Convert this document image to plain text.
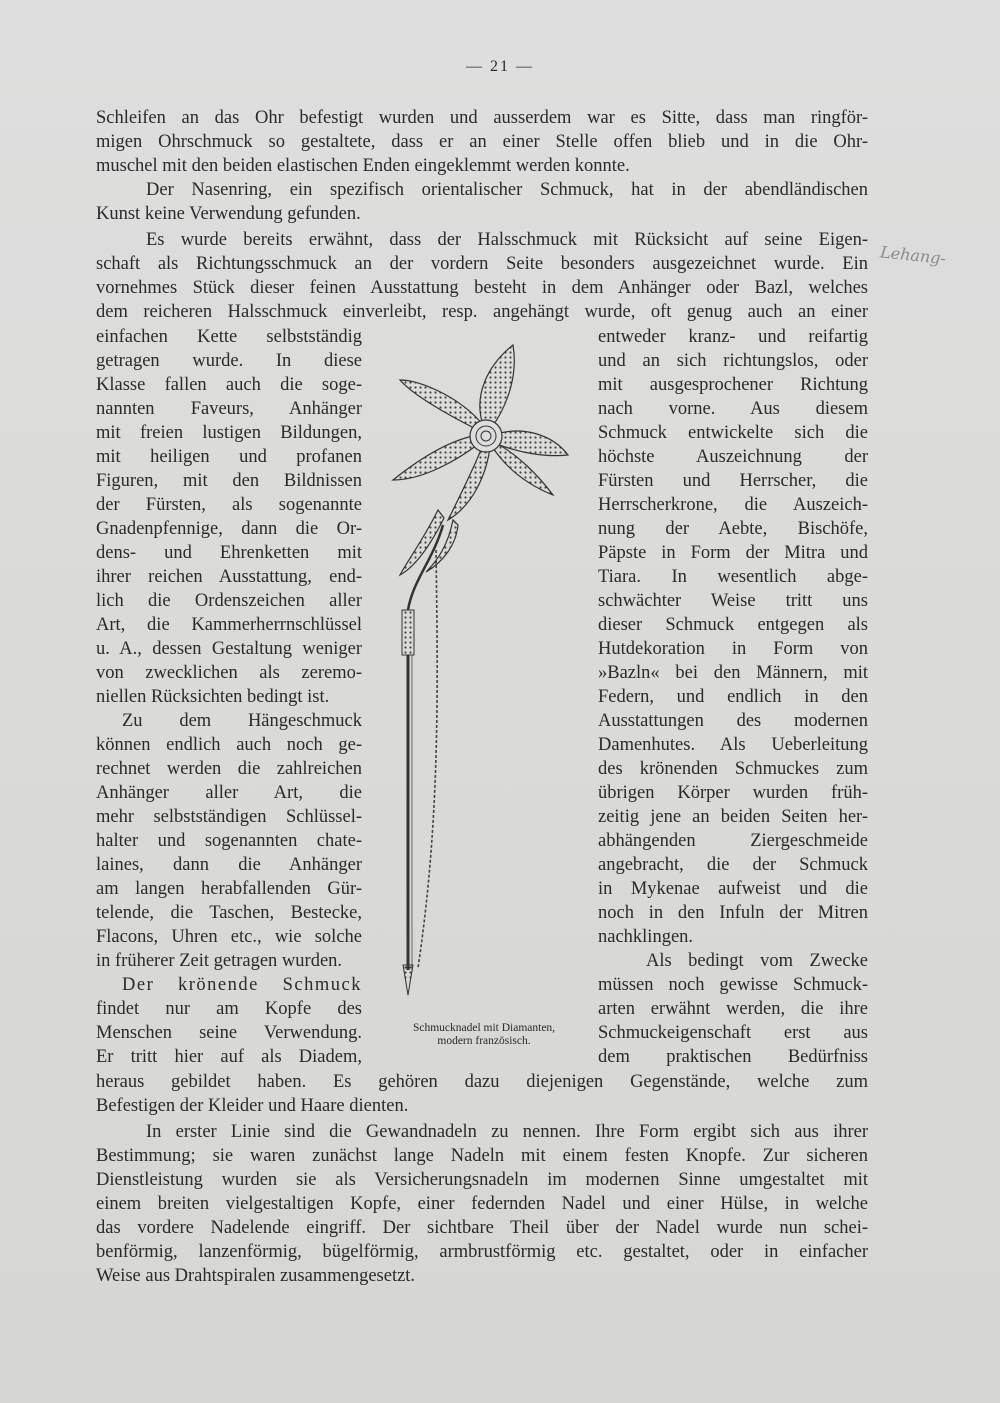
— 21 —
Schleifen an das Ohr befestigt wurden und ausserdem war es Sitte, dass man ringför-
migen Ohrschmuck so gestaltete, dass er an einer Stelle offen blieb und in die Ohr-
muschel mit den beiden elastischen Enden eingeklemmt werden konnte.
Der Nasenring, ein spezifisch orientalischer Schmuck, hat in der abendländischen
Kunst keine Verwendung gefunden.
Es wurde bereits erwähnt, dass der Halsschmuck mit Rücksicht auf seine Eigen-
schaft als Richtungsschmuck an der vordern Seite besonders ausgezeichnet wurde. Ein
vornehmes Stück dieser feinen Ausstattung besteht in dem Anhänger oder Bazl, welches
dem reicheren Halsschmuck einverleibt, resp. angehängt wurde, oft genug auch an einer
einfachen Kette selbstständig
getragen wurde. In diese
Klasse fallen auch die soge-
nannten Faveurs, Anhänger
mit freien lustigen Bildungen,
mit heiligen und profanen
Figuren, mit den Bildnissen
der Fürsten, als sogenannte
Gnadenpfennige, dann die Or-
dens- und Ehrenketten mit
ihrer reichen Ausstattung, end-
lich die Ordenszeichen aller
Art, die Kammerherrnschlüssel
u. A., dessen Gestaltung weniger
von zwecklichen als zeremo-
niellen Rücksichten bedingt ist.
Zu dem Hängeschmuck
können endlich auch noch ge-
rechnet werden die zahlreichen
Anhänger aller Art, die
mehr selbstständigen Schlüssel-
halter und sogenannten chate-
laines, dann die Anhänger
am langen herabfallenden Gür-
telende, die Taschen, Bestecke,
Flacons, Uhren etc., wie solche
in früherer Zeit getragen wurden.
Der krönende Schmuck
findet nur am Kopfe des
Menschen seine Verwendung.
Er tritt hier auf als Diadem,
entweder kranz- und reifartig
und an sich richtungslos, oder
mit ausgesprochener Richtung
nach vorne. Aus diesem
Schmuck entwickelte sich die
höchste Auszeichnung der
Fürsten und Herrscher, die
Herrscherkrone, die Auszeich-
nung der Aebte, Bischöfe,
Päpste in Form der Mitra und
Tiara. In wesentlich abge-
schwächter Weise tritt uns
dieser Schmuck entgegen als
Hutdekoration in Form von
»Bazln« bei den Männern, mit
Federn, und endlich in den
Ausstattungen des modernen
Damenhutes. Als Ueberleitung
des krönenden Schmuckes zum
übrigen Körper wurden früh-
zeitig jene an beiden Seiten her-
abhängenden Ziergeschmeide
angebracht, die der Schmuck
in Mykenae aufweist und die
noch in den Infuln der Mitren
nachklingen.
Als bedingt vom Zwecke
müssen noch gewisse Schmuck-
arten erwähnt werden, die ihre
Schmuckeigenschaft erst aus
dem praktischen Bedürfniss
Schmucknadel mit Diamanten,
modern französisch.
Lehang-
heraus gebildet haben. Es gehören dazu diejenigen Gegenstände, welche zum
Befestigen der Kleider und Haare dienten.
In erster Linie sind die Gewandnadeln zu nennen. Ihre Form ergibt sich aus ihrer
Bestimmung; sie waren zunächst lange Nadeln mit einem festen Knopfe. Zur sicheren
Dienstleistung wurden sie als Versicherungsnadeln im modernen Sinne umgestaltet mit
einem breiten vielgestaltigen Kopfe, einer federnden Nadel und einer Hülse, in welche
das vordere Nadelende eingriff. Der sichtbare Theil über der Nadel wurde nun schei-
benförmig, lanzenförmig, bügelförmig, armbrustförmig etc. gestaltet, oder in einfacher
Weise aus Drahtspiralen zusammengesetzt.
